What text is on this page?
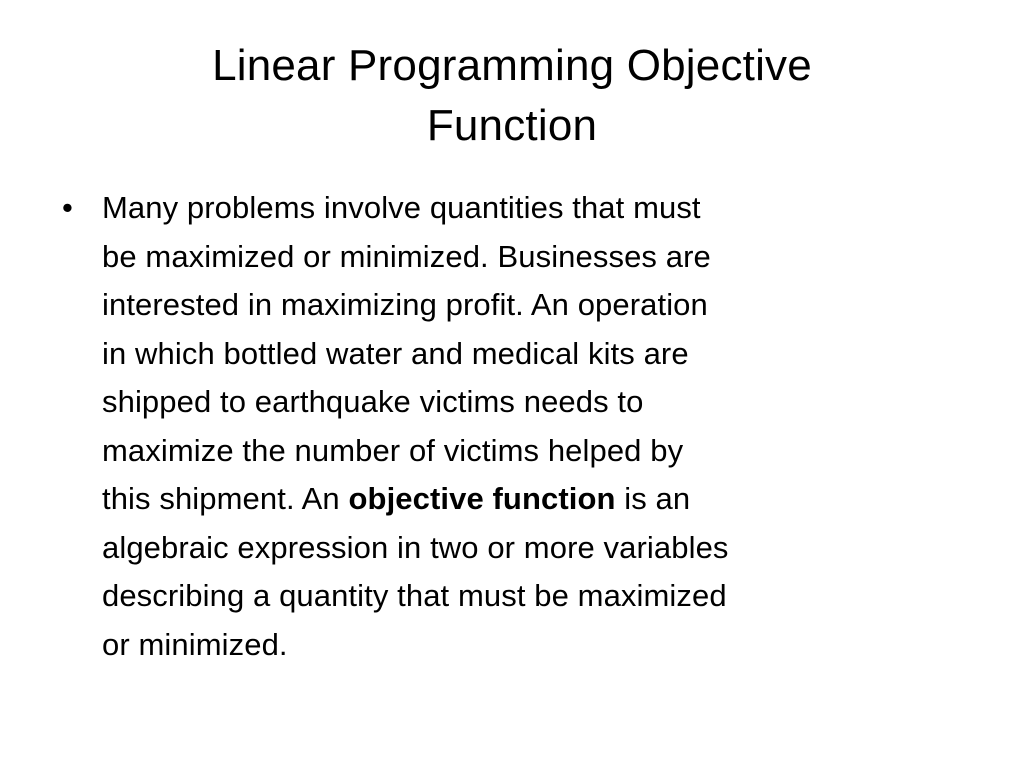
Linear Programming Objective
Function
• Many problems involve quantities that must
be maximized or minimized. Businesses are
interested in maximizing profit. An operation
in which bottled water and medical kits are
shipped to earthquake victims needs to
maximize the number of victims helped by
this shipment. An objective function is an
algebraic expression in two or more variables
describing a quantity that must be maximized
or minimized.
